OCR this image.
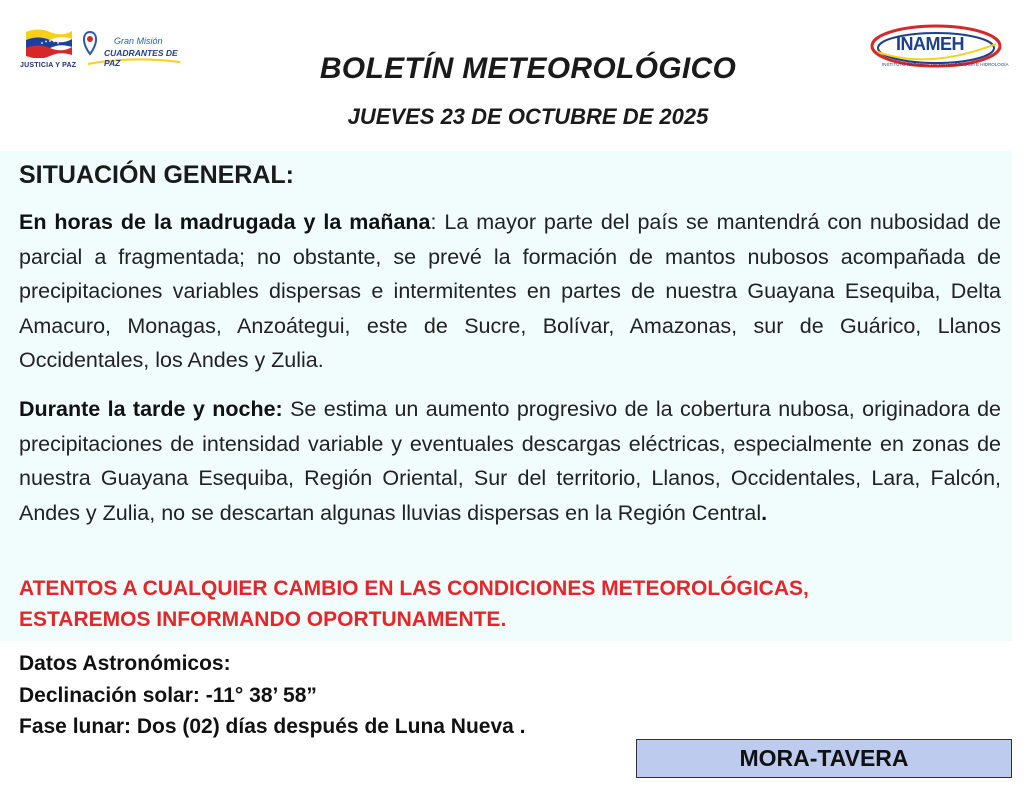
JUSTICIA Y PAZ
Gran Misión
CUADRANTES DE PAZ
INAMEH
INSTITUTO NACIONAL DE METEOROLOGÍA E HIDROLOGÍA
BOLETÍN METEOROLÓGICO
JUEVES 23 DE OCTUBRE DE 2025
SITUACIÓN GENERAL:
En horas de la madrugada y la mañana: La mayor parte del país se mantendrá con nubosidad de parcial a fragmentada; no obstante, se prevé la formación de mantos nubosos acompañada de precipitaciones variables dispersas e intermitentes en partes de nuestra Guayana Esequiba, Delta Amacuro, Monagas, Anzoátegui, este de Sucre, Bolívar, Amazonas, sur de Guárico, Llanos Occidentales, los Andes y Zulia.
Durante la tarde y noche: Se estima un aumento progresivo de la cobertura nubosa, originadora de precipitaciones de intensidad variable y eventuales descargas eléctricas, especialmente en zonas de nuestra Guayana Esequiba, Región Oriental, Sur del territorio, Llanos, Occidentales, Lara, Falcón, Andes y Zulia, no se descartan algunas lluvias dispersas en la Región Central.
ATENTOS A CUALQUIER CAMBIO EN LAS CONDICIONES METEOROLÓGICAS,
ESTAREMOS INFORMANDO OPORTUNAMENTE.
Datos Astronómicos:
Declinación solar: -11° 38’ 58”
Fase lunar: Dos (02) días después de Luna Nueva .
MORA-TAVERA
